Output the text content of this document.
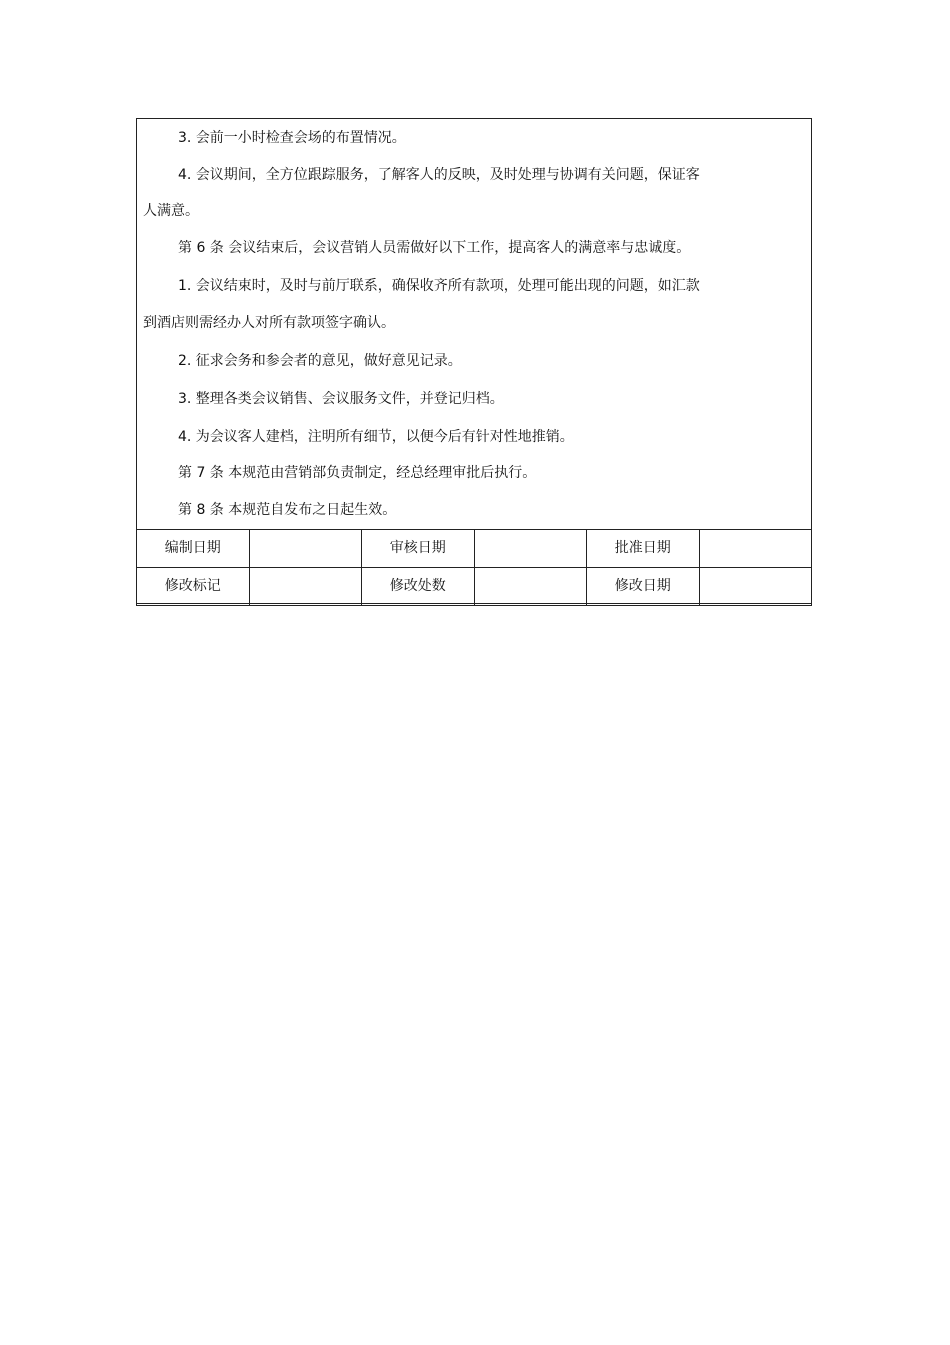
3. 会前一小时检查会场的布置情况。
4. 会议期间，全方位跟踪服务，了解客人的反映，及时处理与协调有关问题，保证客
人满意。
第 6 条 会议结束后，会议营销人员需做好以下工作，提高客人的满意率与忠诚度。
1. 会议结束时，及时与前厅联系，确保收齐所有款项，处理可能出现的问题，如汇款
到酒店则需经办人对所有款项签字确认。
2. 征求会务和参会者的意见，做好意见记录。
3. 整理各类会议销售、会议服务文件，并登记归档。
4. 为会议客人建档，注明所有细节，以便今后有针对性地推销。
第 7 条 本规范由营销部负责制定，经总经理审批后执行。
第 8 条 本规范自发布之日起生效。
编制日期		审核日期		批准日期	
修改标记		修改处数		修改日期	
